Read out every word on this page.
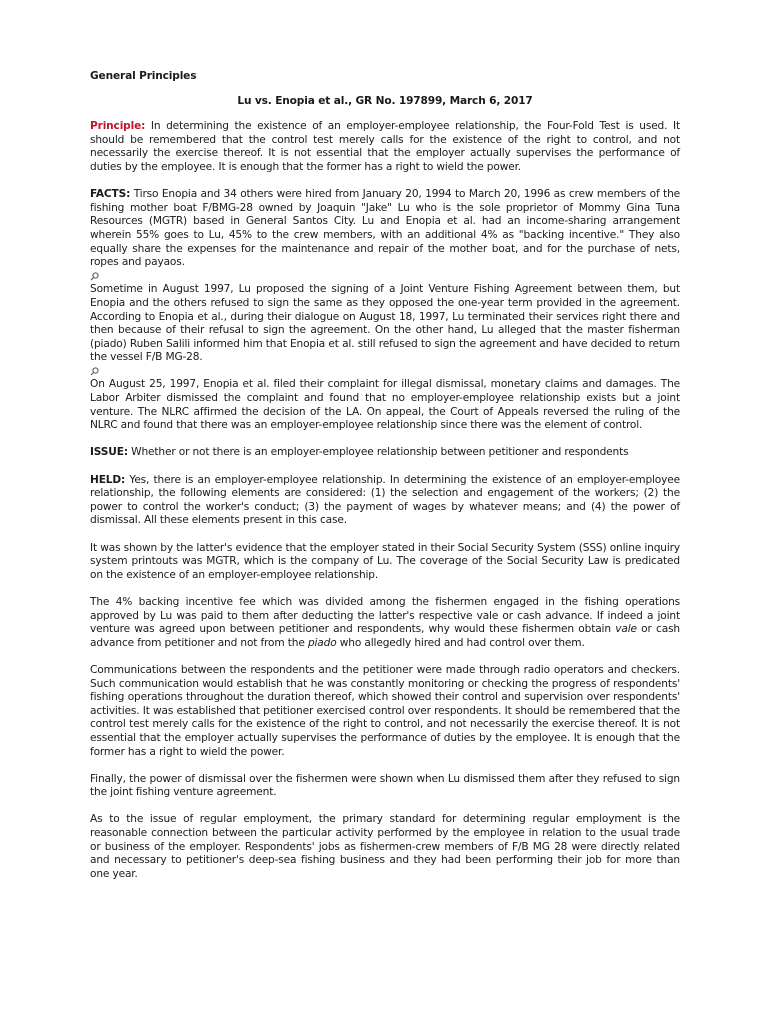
General Principles
Lu vs. Enopia et al., GR No. 197899, March 6, 2017

Principle: In determining the existence of an employer-employee relationship, the Four-Fold Test is used. It should be remembered that the control test merely calls for the existence of the right to control, and not necessarily the exercise thereof. It is not essential that the employer actually supervises the performance of duties by the employee. It is enough that the former has a right to wield the power.

FACTS: Tirso Enopia and 34 others were hired from January 20, 1994 to March 20, 1996 as crew members of the fishing mother boat F/BMG-28 owned by Joaquin "Jake" Lu who is the sole proprietor of Mommy Gina Tuna Resources (MGTR) based in General Santos City. Lu and Enopia et al. had an income-sharing arrangement wherein 55% goes to Lu, 45% to the crew members, with an additional 4% as "backing incentive." They also equally share the expenses for the maintenance and repair of the mother boat, and for the purchase of nets, ropes and payaos.

Sometime in August 1997, Lu proposed the signing of a Joint Venture Fishing Agreement between them, but Enopia and the others refused to sign the same as they opposed the one-year term provided in the agreement. According to Enopia et al., during their dialogue on August 18, 1997, Lu terminated their services right there and then because of their refusal to sign the agreement. On the other hand, Lu alleged that the master fisherman (piado) Ruben Salili informed him that Enopia et al. still refused to sign the agreement and have decided to return the vessel F/B MG-28.

On August 25, 1997, Enopia et al. filed their complaint for illegal dismissal, monetary claims and damages. The Labor Arbiter dismissed the complaint and found that no employer-employee relationship exists but a joint venture. The NLRC affirmed the decision of the LA. On appeal, the Court of Appeals reversed the ruling of the NLRC and found that there was an employer-employee relationship since there was the element of control.

ISSUE: Whether or not there is an employer-employee relationship between petitioner and respondents

HELD: Yes, there is an employer-employee relationship. In determining the existence of an employer-employee relationship, the following elements are considered: (1) the selection and engagement of the workers; (2) the power to control the worker's conduct; (3) the payment of wages by whatever means; and (4) the power of dismissal. All these elements present in this case.

It was shown by the latter's evidence that the employer stated in their Social Security System (SSS) online inquiry system printouts was MGTR, which is the company of Lu. The coverage of the Social Security Law is predicated on the existence of an employer-employee relationship.

The 4% backing incentive fee which was divided among the fishermen engaged in the fishing operations approved by Lu was paid to them after deducting the latter's respective vale or cash advance. If indeed a joint venture was agreed upon between petitioner and respondents, why would these fishermen obtain vale or cash advance from petitioner and not from the piado who allegedly hired and had control over them.

Communications between the respondents and the petitioner were made through radio operators and checkers. Such communication would establish that he was constantly monitoring or checking the progress of respondents' fishing operations throughout the duration thereof, which showed their control and supervision over respondents' activities. It was established that petitioner exercised control over respondents. It should be remembered that the control test merely calls for the existence of the right to control, and not necessarily the exercise thereof. It is not essential that the employer actually supervises the performance of duties by the employee. It is enough that the former has a right to wield the power.

Finally, the power of dismissal over the fishermen were shown when Lu dismissed them after they refused to sign the joint fishing venture agreement.

As to the issue of regular employment, the primary standard for determining regular employment is the reasonable connection between the particular activity performed by the employee in relation to the usual trade or business of the employer. Respondents' jobs as fishermen-crew members of F/B MG 28 were directly related and necessary to petitioner's deep-sea fishing business and they had been performing their job for more than one year.
